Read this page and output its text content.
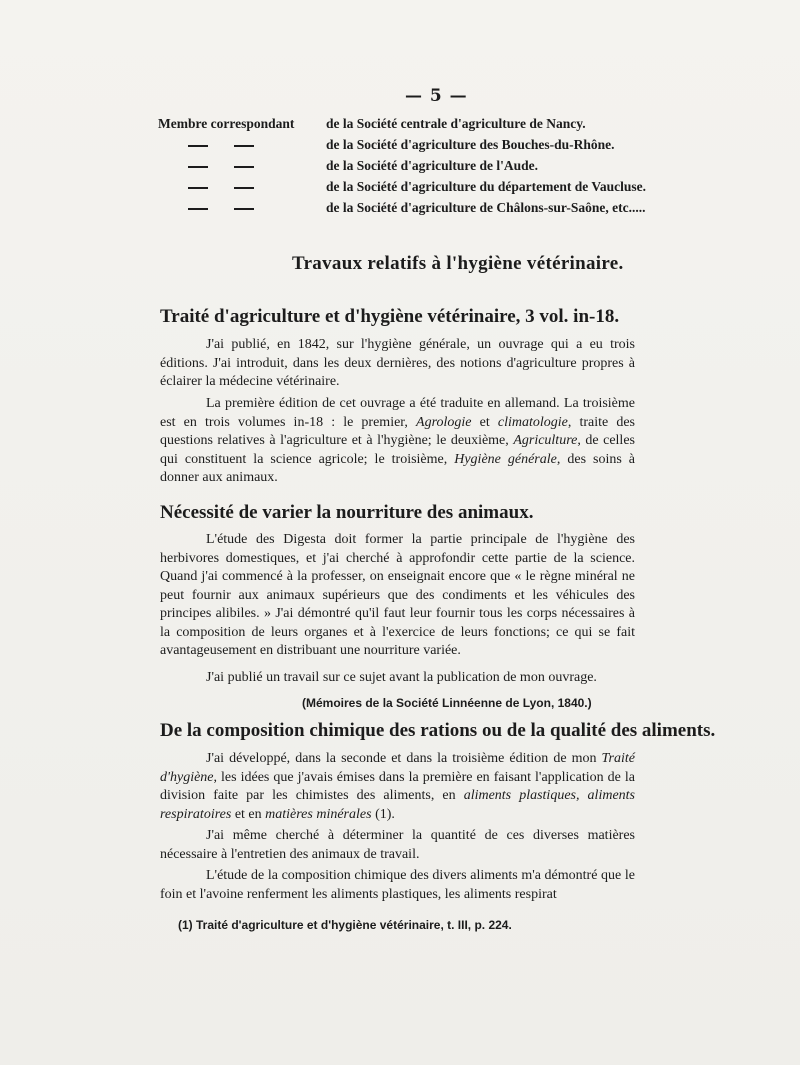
— 5 —
Membre correspondant	de la Société centrale d'agriculture de Nancy.
de la Société d'agriculture des Bouches-du-Rhône.
de la Société d'agriculture de l'Aude.
de la Société d'agriculture du département de Vaucluse.
de la Société d'agriculture de Châlons-sur-Saône, etc.....
Travaux relatifs à l'hygiène vétérinaire.
Traité d'agriculture et d'hygiène vétérinaire, 3 vol. in-18.

J'ai publié, en 1842, sur l'hygiène générale, un ouvrage qui a eu trois éditions. J'ai introduit, dans les deux dernières, des notions d'agriculture propres à éclairer la médecine vétérinaire.

La première édition de cet ouvrage a été traduite en allemand. La troisième est en trois volumes in-18 : le premier, Agrologie et climatologie, traite des questions relatives à l'agriculture et à l'hygiène; le deuxième, Agriculture, de celles qui constituent la science agricole; le troisième, Hygiène générale, des soins à donner aux animaux.

Nécessité de varier la nourriture des animaux.

L'étude des Digesta doit former la partie principale de l'hygiène des herbivores domestiques, et j'ai cherché à approfondir cette partie de la science. Quand j'ai commencé à la professer, on enseignait encore que « le règne minéral ne peut fournir aux animaux supérieurs que des condiments et les véhicules des principes alibiles. » J'ai démontré qu'il faut leur fournir tous les corps nécessaires à la composition de leurs organes et à l'exercice de leurs fonctions; ce qui se fait avantageusement en distribuant une nourriture variée.

J'ai publié un travail sur ce sujet avant la publication de mon ouvrage.

(Mémoires de la Société Linnéenne de Lyon, 1840.)
De la composition chimique des rations ou de la qualité des aliments.

J'ai développé, dans la seconde et dans la troisième édition de mon Traité d'hygiène, les idées que j'avais émises dans la première en faisant l'application de la division faite par les chimistes des aliments, en aliments plastiques, aliments respiratoires et en matières minérales (1).

J'ai même cherché à déterminer la quantité de ces diverses matières nécessaire à l'entretien des animaux de travail.

L'étude de la composition chimique des divers aliments m'a démontré que le foin et l'avoine renferment les aliments plastiques, les aliments respirat

(1) Traité d'agriculture et d'hygiène vétérinaire, t. III, p. 224.
